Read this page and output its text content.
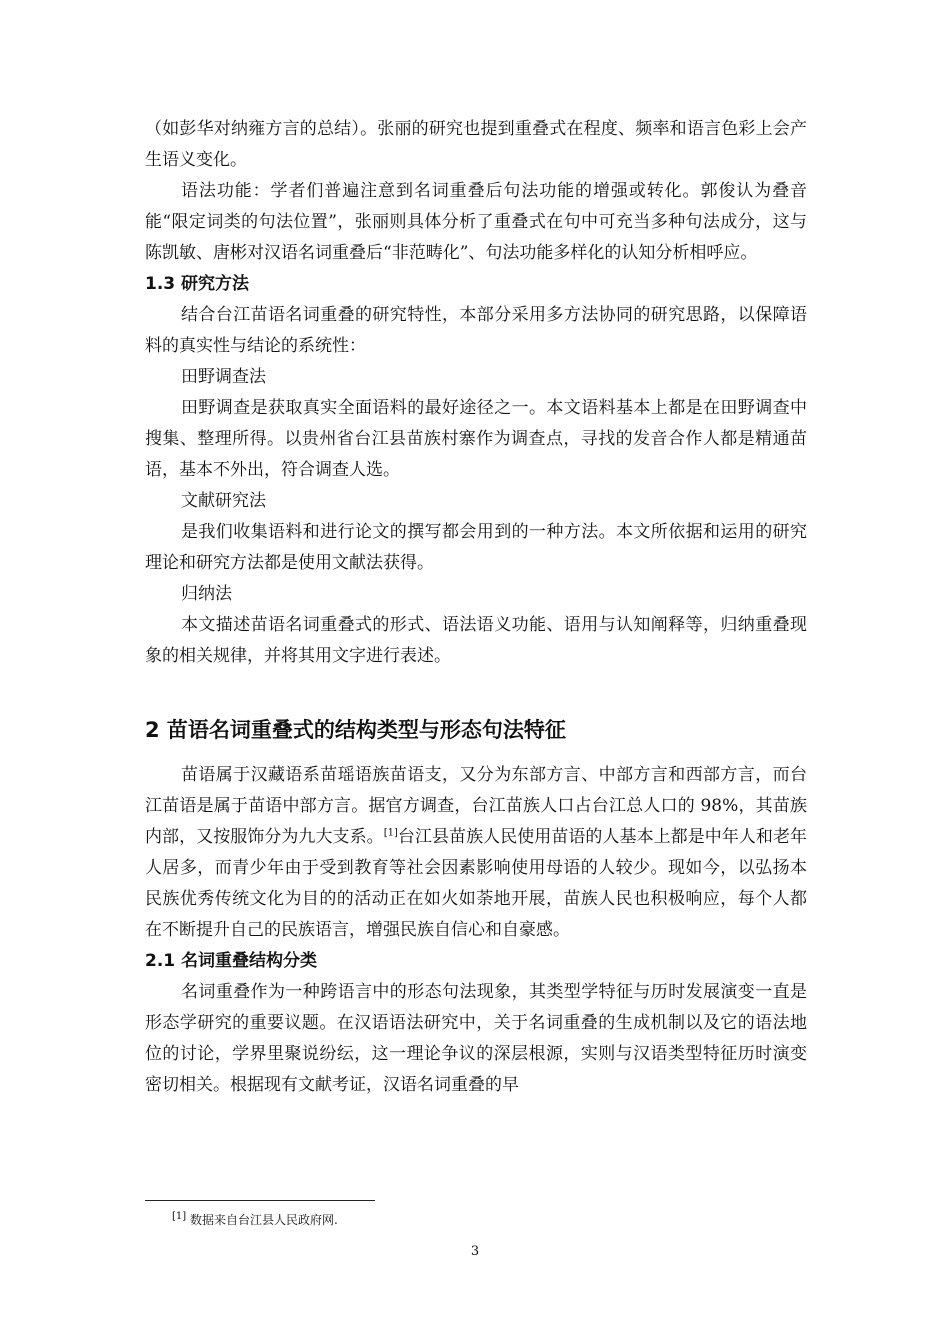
（如彭华对纳雍方言的总结）。张丽的研究也提到重叠式在程度、频率和语言色彩上会产生语义变化。

语法功能：学者们普遍注意到名词重叠后句法功能的增强或转化。郭俊认为叠音能“限定词类的句法位置”，张丽则具体分析了重叠式在句中可充当多种句法成分，这与陈凯敏、唐彬对汉语名词重叠后“非范畴化”、句法功能多样化的认知分析相呼应。

1.3 研究方法

结合台江苗语名词重叠的研究特性，本部分采用多方法协同的研究思路，以保障语料的真实性与结论的系统性：

田野调查法

田野调查是获取真实全面语料的最好途径之一。本文语料基本上都是在田野调查中搜集、整理所得。以贵州省台江县苗族村寨作为调查点，寻找的发音合作人都是精通苗语，基本不外出，符合调查人选。

文献研究法

是我们收集语料和进行论文的撰写都会用到的一种方法。本文所依据和运用的研究理论和研究方法都是使用文献法获得。

归纳法

本文描述苗语名词重叠式的形式、语法语义功能、语用与认知阐释等，归纳重叠现象的相关规律，并将其用文字进行表述。

2 苗语名词重叠式的结构类型与形态句法特征

苗语属于汉藏语系苗瑶语族苗语支，又分为东部方言、中部方言和西部方言，而台江苗语是属于苗语中部方言。据官方调查，台江苗族人口占台江总人口的 98%，其苗族内部，又按服饰分为九大支系。[1]台江县苗族人民使用苗语的人基本上都是中年人和老年人居多，而青少年由于受到教育等社会因素影响使用母语的人较少。现如今，以弘扬本民族优秀传统文化为目的的活动正在如火如荼地开展，苗族人民也积极响应，每个人都在不断提升自己的民族语言，增强民族自信心和自豪感。

2.1 名词重叠结构分类

名词重叠作为一种跨语言中的形态句法现象，其类型学特征与历时发展演变一直是形态学研究的重要议题。在汉语语法研究中，关于名词重叠的生成机制以及它的语法地位的讨论，学界里聚说纷纭，这一理论争议的深层根源，实则与汉语类型特征历时演变密切相关。根据现有文献考证，汉语名词重叠的早

[1] 数据来自台江县人民政府网.
3
